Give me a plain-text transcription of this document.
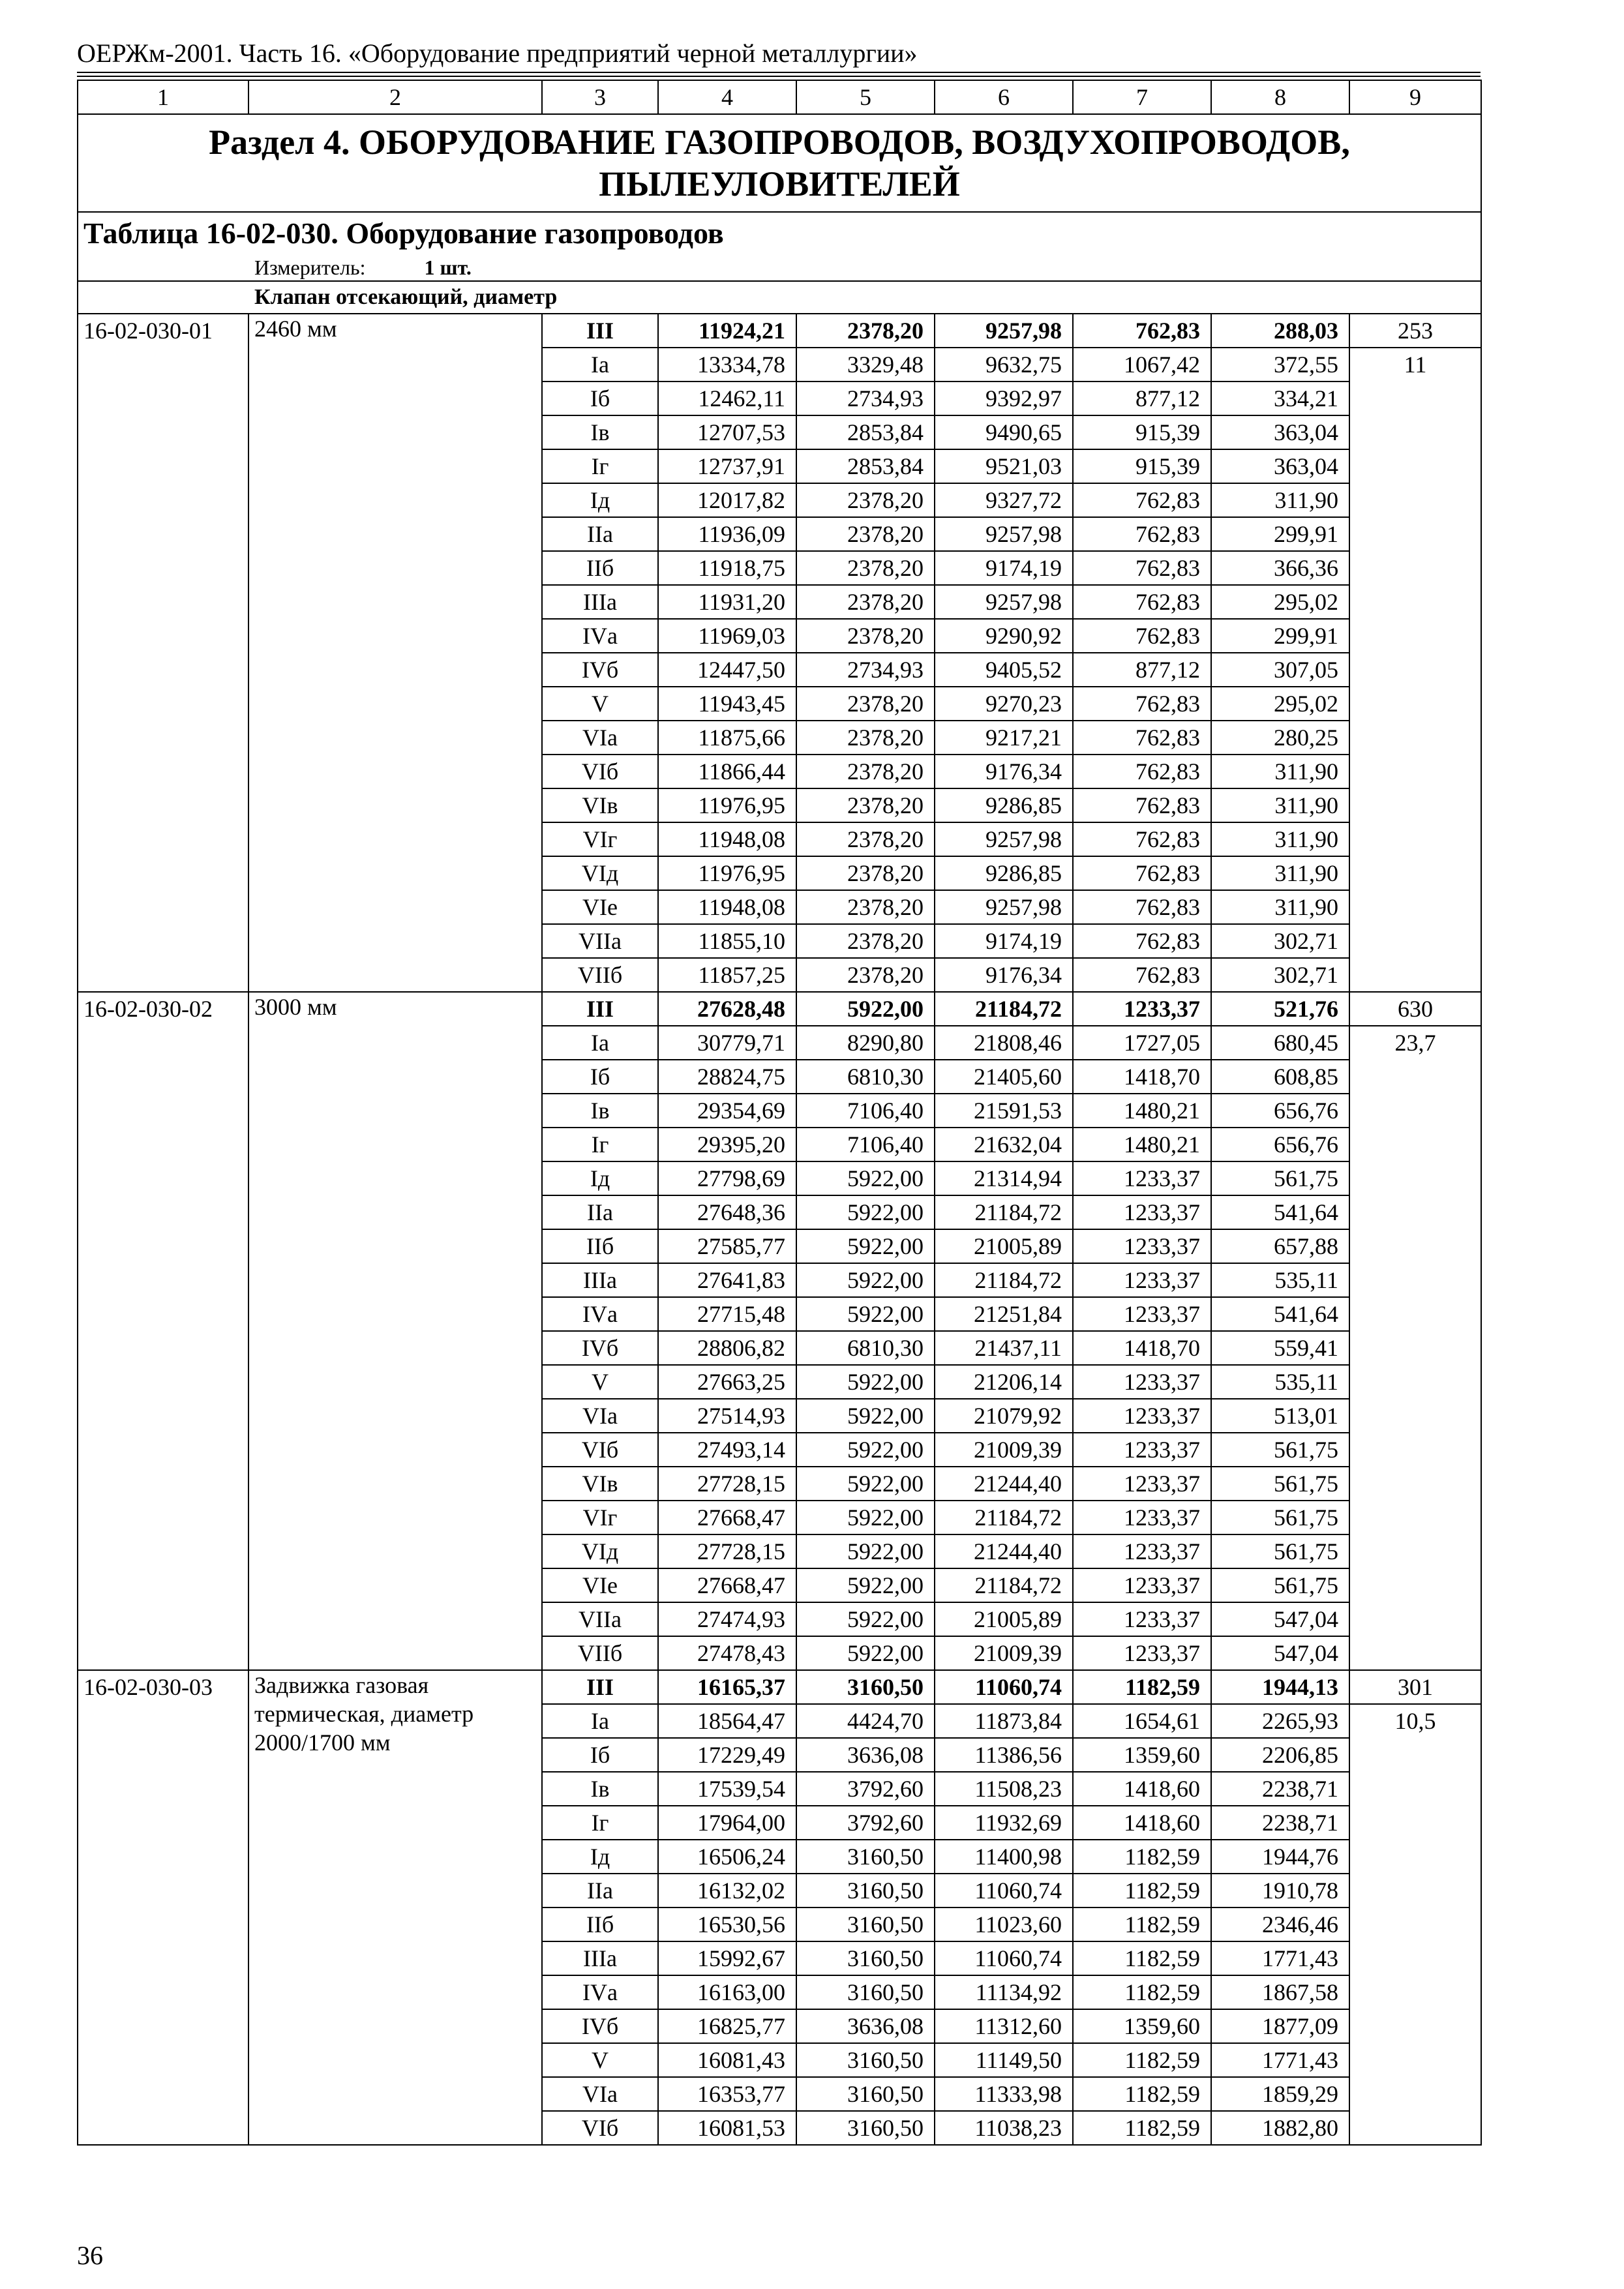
ОЕРЖм-2001. Часть 16. «Оборудование предприятий черной металлургии»
1	2	3	4	5	6	7	8	9
Раздел 4. ОБОРУДОВАНИЕ ГАЗОПРОВОДОВ, ВОЗДУХОПРОВОДОВ, ПЫЛЕУЛОВИТЕЛЕЙ								
Таблица 16-02-030. Оборудование газопроводов								
Измеритель: 1 шт.								
Клапан отсекающий, диаметр								
16-02-030-01	2460 мм	III	11924,21	2378,20	9257,98	762,83	288,03	253
		Iа	13334,78	3329,48	9632,75	1067,42	372,55	11
		Iб	12462,11	2734,93	9392,97	877,12	334,21	
		Iв	12707,53	2853,84	9490,65	915,39	363,04	
		Iг	12737,91	2853,84	9521,03	915,39	363,04	
		Iд	12017,82	2378,20	9327,72	762,83	311,90	
		IIа	11936,09	2378,20	9257,98	762,83	299,91	
		IIб	11918,75	2378,20	9174,19	762,83	366,36	
		IIIа	11931,20	2378,20	9257,98	762,83	295,02	
		IVа	11969,03	2378,20	9290,92	762,83	299,91	
		IVб	12447,50	2734,93	9405,52	877,12	307,05	
		V	11943,45	2378,20	9270,23	762,83	295,02	
		VIа	11875,66	2378,20	9217,21	762,83	280,25	
		VIб	11866,44	2378,20	9176,34	762,83	311,90	
		VIв	11976,95	2378,20	9286,85	762,83	311,90	
		VIг	11948,08	2378,20	9257,98	762,83	311,90	
		VIд	11976,95	2378,20	9286,85	762,83	311,90	
		VIе	11948,08	2378,20	9257,98	762,83	311,90	
		VIIа	11855,10	2378,20	9174,19	762,83	302,71	
		VIIб	11857,25	2378,20	9176,34	762,83	302,71	
16-02-030-02	3000 мм	III	27628,48	5922,00	21184,72	1233,37	521,76	630
		Iа	30779,71	8290,80	21808,46	1727,05	680,45	23,7
		Iб	28824,75	6810,30	21405,60	1418,70	608,85	
		Iв	29354,69	7106,40	21591,53	1480,21	656,76	
		Iг	29395,20	7106,40	21632,04	1480,21	656,76	
		Iд	27798,69	5922,00	21314,94	1233,37	561,75	
		IIа	27648,36	5922,00	21184,72	1233,37	541,64	
		IIб	27585,77	5922,00	21005,89	1233,37	657,88	
		IIIа	27641,83	5922,00	21184,72	1233,37	535,11	
		IVа	27715,48	5922,00	21251,84	1233,37	541,64	
		IVб	28806,82	6810,30	21437,11	1418,70	559,41	
		V	27663,25	5922,00	21206,14	1233,37	535,11	
		VIа	27514,93	5922,00	21079,92	1233,37	513,01	
		VIб	27493,14	5922,00	21009,39	1233,37	561,75	
		VIв	27728,15	5922,00	21244,40	1233,37	561,75	
		VIг	27668,47	5922,00	21184,72	1233,37	561,75	
		VIд	27728,15	5922,00	21244,40	1233,37	561,75	
		VIе	27668,47	5922,00	21184,72	1233,37	561,75	
		VIIа	27474,93	5922,00	21005,89	1233,37	547,04	
		VIIб	27478,43	5922,00	21009,39	1233,37	547,04	
16-02-030-03	Задвижка газовая термическая, диаметр 2000/1700 мм	III	16165,37	3160,50	11060,74	1182,59	1944,13	301
		Iа	18564,47	4424,70	11873,84	1654,61	2265,93	10,5
		Iб	17229,49	3636,08	11386,56	1359,60	2206,85	
		Iв	17539,54	3792,60	11508,23	1418,60	2238,71	
		Iг	17964,00	3792,60	11932,69	1418,60	2238,71	
		Iд	16506,24	3160,50	11400,98	1182,59	1944,76	
		IIа	16132,02	3160,50	11060,74	1182,59	1910,78	
		IIб	16530,56	3160,50	11023,60	1182,59	2346,46	
		IIIа	15992,67	3160,50	11060,74	1182,59	1771,43	
		IVа	16163,00	3160,50	11134,92	1182,59	1867,58	
		IVб	16825,77	3636,08	11312,60	1359,60	1877,09	
		V	16081,43	3160,50	11149,50	1182,59	1771,43	
		VIа	16353,77	3160,50	11333,98	1182,59	1859,29	
		VIб	16081,53	3160,50	11038,23	1182,59	1882,80	
36
